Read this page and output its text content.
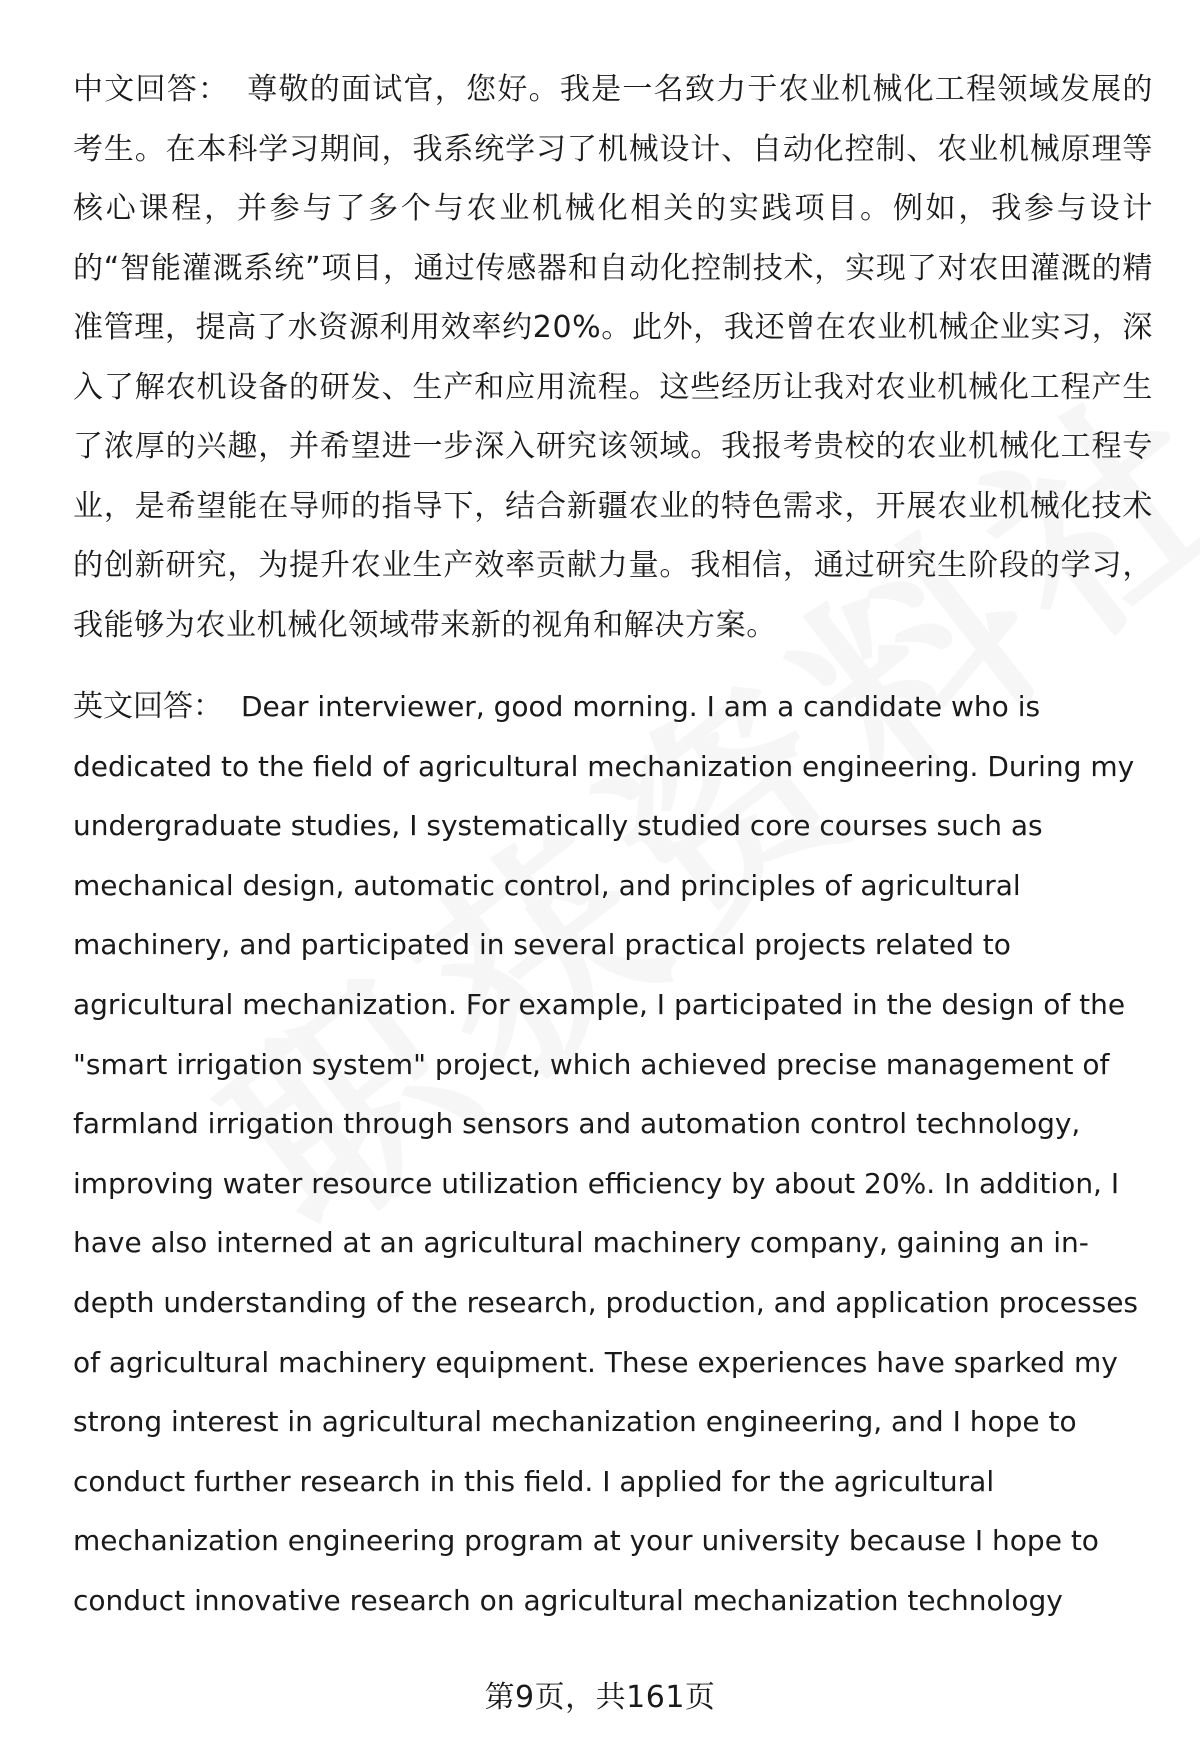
中文回答： 尊敬的面试官，您好。我是一名致力于农业机械化工程领域发展的考生。在本科学习期间，我系统学习了机械设计、自动化控制、农业机械原理等核心课程，并参与了多个与农业机械化相关的实践项目。例如，我参与设计的“智能灌溉系统”项目，通过传感器和自动化控制技术，实现了对农田灌溉的精准管理，提高了水资源利用效率约20%。此外，我还曾在农业机械企业实习，深入了解农机设备的研发、生产和应用流程。这些经历让我对农业机械化工程产生了浓厚的兴趣，并希望进一步深入研究该领域。我报考贵校的农业机械化工程专业，是希望能在导师的指导下，结合新疆农业的特色需求，开展农业机械化技术的创新研究，为提升农业生产效率贡献力量。我相信，通过研究生阶段的学习，我能够为农业机械化领域带来新的视角和解决方案。

英文回答： Dear interviewer, good morning. I am a candidate who is dedicated to the field of agricultural mechanization engineering. During my undergraduate studies, I systematically studied core courses such as mechanical design, automatic control, and principles of agricultural machinery, and participated in several practical projects related to agricultural mechanization. For example, I participated in the design of the "smart irrigation system" project, which achieved precise management of farmland irrigation through sensors and automation control technology, improving water resource utilization efficiency by about 20%. In addition, I have also interned at an agricultural machinery company, gaining an in-depth understanding of the research, production, and application processes of agricultural machinery equipment. These experiences have sparked my strong interest in agricultural mechanization engineering, and I hope to conduct further research in this field. I applied for the agricultural mechanization engineering program at your university because I hope to conduct innovative research on agricultural mechanization technology

第9页，共161页
